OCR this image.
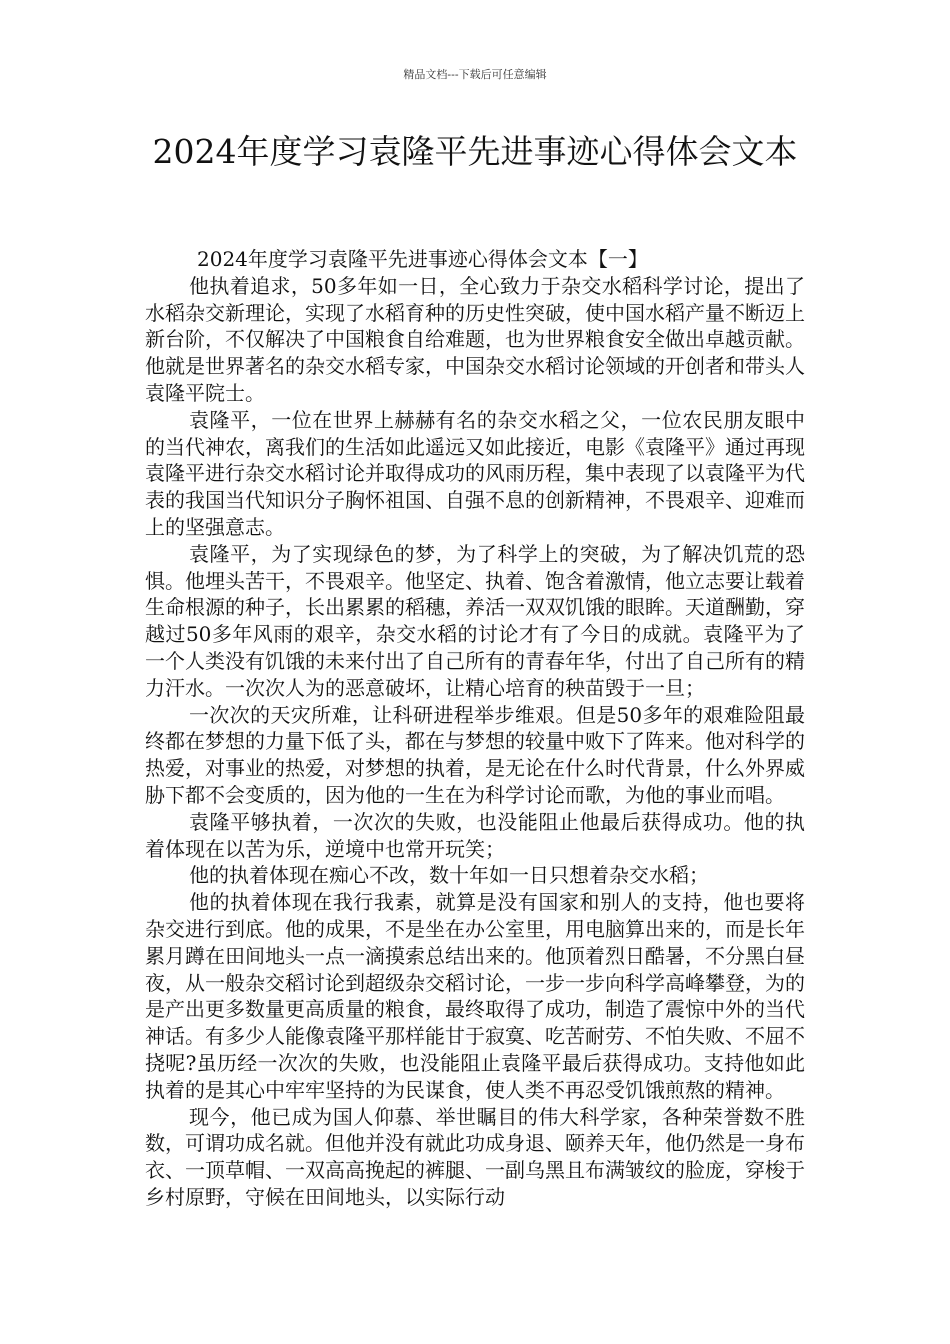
精品文档---下载后可任意编辑
2024年度学习袁隆平先进事迹心得体会文本

2024年度学习袁隆平先进事迹心得体会文本【一】

他执着追求，50多年如一日，全心致力于杂交水稻科学讨论，提出了水稻杂交新理论，实现了水稻育种的历史性突破，使中国水稻产量不断迈上新台阶，不仅解决了中国粮食自给难题，也为世界粮食安全做出卓越贡献。他就是世界著名的杂交水稻专家，中国杂交水稻讨论领域的开创者和带头人袁隆平院士。

袁隆平，一位在世界上赫赫有名的杂交水稻之父，一位农民朋友眼中的当代神农，离我们的生活如此遥远又如此接近，电影《袁隆平》通过再现袁隆平进行杂交水稻讨论并取得成功的风雨历程，集中表现了以袁隆平为代表的我国当代知识分子胸怀祖国、自强不息的创新精神，不畏艰辛、迎难而上的坚强意志。

袁隆平，为了实现绿色的梦，为了科学上的突破，为了解决饥荒的恐惧。他埋头苦干，不畏艰辛。他坚定、执着、饱含着激情，他立志要让载着生命根源的种子，长出累累的稻穗，养活一双双饥饿的眼眸。天道酬勤，穿越过50多年风雨的艰辛，杂交水稻的讨论才有了今日的成就。袁隆平为了一个人类没有饥饿的未来付出了自己所有的青春年华，付出了自己所有的精力汗水。一次次人为的恶意破坏，让精心培育的秧苗毁于一旦；

一次次的天灾所难，让科研进程举步维艰。但是50多年的艰难险阻最终都在梦想的力量下低了头，都在与梦想的较量中败下了阵来。他对科学的热爱，对事业的热爱，对梦想的执着，是无论在什么时代背景，什么外界威胁下都不会变质的，因为他的一生在为科学讨论而歌，为他的事业而唱。

袁隆平够执着，一次次的失败，也没能阻止他最后获得成功。他的执着体现在以苦为乐，逆境中也常开玩笑；

他的执着体现在痴心不改，数十年如一日只想着杂交水稻；

他的执着体现在我行我素，就算是没有国家和别人的支持，他也要将杂交进行到底。他的成果，不是坐在办公室里，用电脑算出来的，而是长年累月蹲在田间地头一点一滴摸索总结出来的。他顶着烈日酷暑，不分黑白昼夜，从一般杂交稻讨论到超级杂交稻讨论，一步一步向科学高峰攀登，为的是产出更多数量更高质量的粮食，最终取得了成功，制造了震惊中外的当代神话。有多少人能像袁隆平那样能甘于寂寞、吃苦耐劳、不怕失败、不屈不挠呢?虽历经一次次的失败，也没能阻止袁隆平最后获得成功。支持他如此执着的是其心中牢牢坚持的为民谋食，使人类不再忍受饥饿煎熬的精神。

现今，他已成为国人仰慕、举世瞩目的伟大科学家，各种荣誉数不胜数，可谓功成名就。但他并没有就此功成身退、颐养天年，他仍然是一身布衣、一顶草帽、一双高高挽起的裤腿、一副乌黑且布满皱纹的脸庞，穿梭于乡村原野，守候在田间地头，以实际行动
